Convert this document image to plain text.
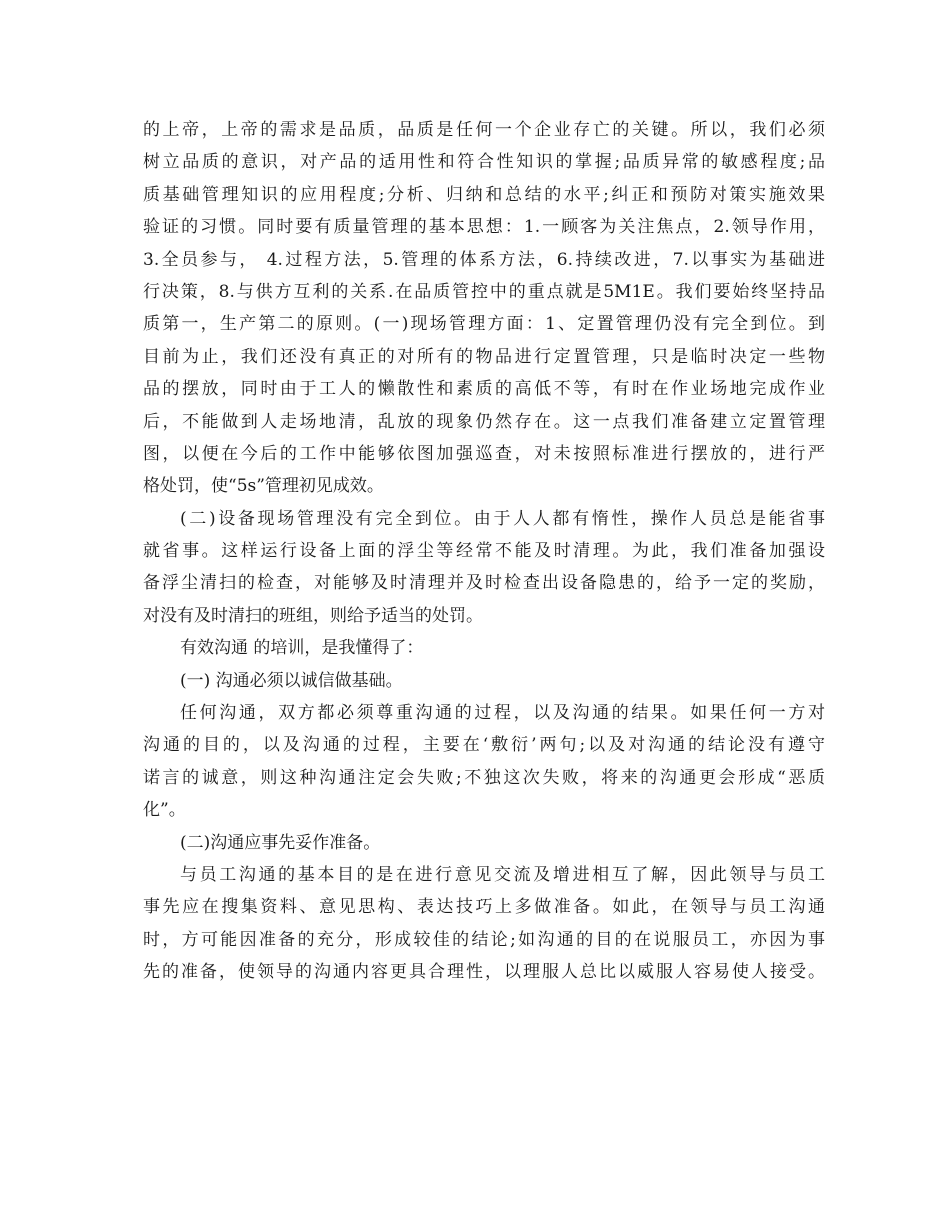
的上帝，上帝的需求是品质，品质是任何一个企业存亡的关键。所以，我们必须
树立品质的意识，对产品的适用性和符合性知识的掌握;品质异常的敏感程度;品
质基础管理知识的应用程度;分析、归纳和总结的水平;纠正和预防对策实施效果
验证的习惯。同时要有质量管理的基本思想：1.一顾客为关注焦点，2.领导作用，
3.全员参与， 4.过程方法，5.管理的体系方法，6.持续改进，7.以事实为基础进
行决策，8.与供方互利的关系.在品质管控中的重点就是5M1E。我们要始终坚持品
质第一，生产第二的原则。(一)现场管理方面：1、定置管理仍没有完全到位。到
目前为止，我们还没有真正的对所有的物品进行定置管理，只是临时决定一些物
品的摆放，同时由于工人的懒散性和素质的高低不等，有时在作业场地完成作业
后，不能做到人走场地清，乱放的现象仍然存在。这一点我们准备建立定置管理
图，以便在今后的工作中能够依图加强巡查，对未按照标准进行摆放的，进行严
格处罚，使“5s”管理初见成效。
(二)设备现场管理没有完全到位。由于人人都有惰性，操作人员总是能省事
就省事。这样运行设备上面的浮尘等经常不能及时清理。为此，我们准备加强设
备浮尘清扫的检查，对能够及时清理并及时检查出设备隐患的，给予一定的奖励，
对没有及时清扫的班组，则给予适当的处罚。
有效沟通 的培训，是我懂得了：
(一) 沟通必须以诚信做基础。
任何沟通，双方都必须尊重沟通的过程，以及沟通的结果。如果任何一方对
沟通的目的，以及沟通的过程，主要在‘敷衍’两句;以及对沟通的结论没有遵守
诺言的诚意，则这种沟通注定会失败;不独这次失败，将来的沟通更会形成“恶质
化”。
(二)沟通应事先妥作准备。
与员工沟通的基本目的是在进行意见交流及增进相互了解，因此领导与员工
事先应在搜集资料、意见思构、表达技巧上多做准备。如此，在领导与员工沟通
时，方可能因准备的充分，形成较佳的结论;如沟通的目的在说服员工，亦因为事
先的准备，使领导的沟通内容更具合理性，以理服人总比以威服人容易使人接受。
